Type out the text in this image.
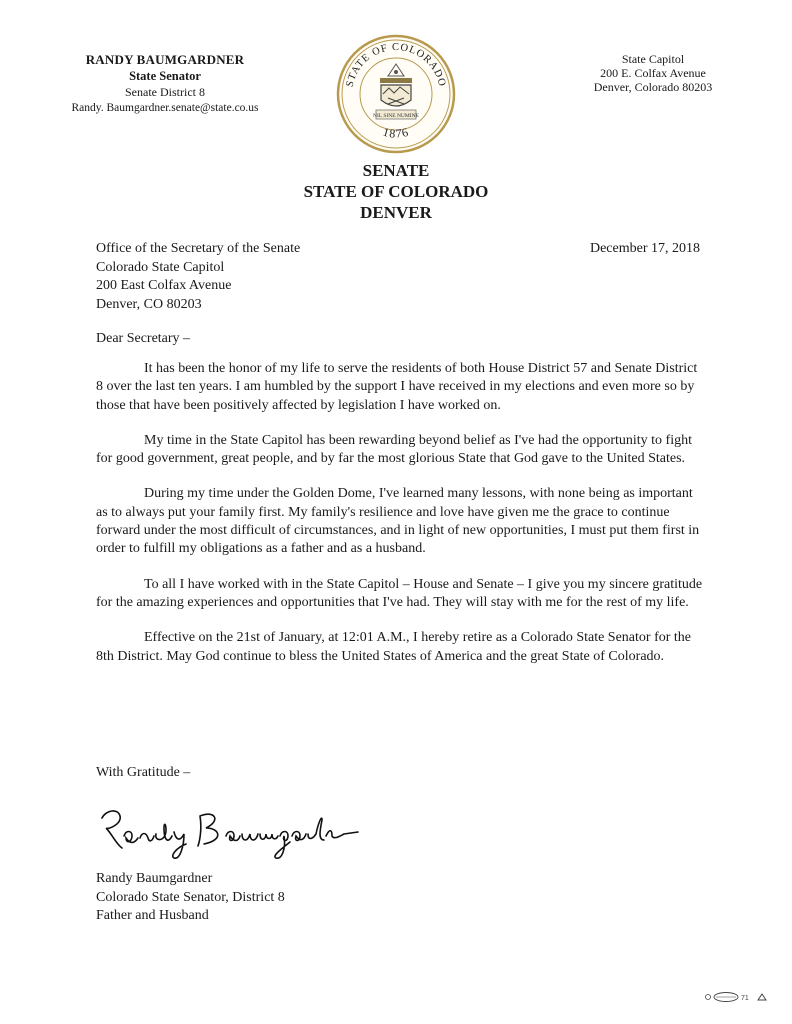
RANDY BAUMGARDNER
State Senator
Senate District 8
Randy. Baumgardner.senate@state.co.us
STATE OF COLORADO
NIL SINE NUMINE
1876
State Capitol
200 E. Colfax Avenue
Denver, Colorado 80203
SENATE
STATE OF COLORADO
DENVER
Office of the Secretary of the Senate
Colorado State Capitol
200 East Colfax Avenue
Denver, CO 80203
December 17, 2018
Dear Secretary –

It has been the honor of my life to serve the residents of both House District 57 and Senate District 8 over the last ten years. I am humbled by the support I have received in my elections and even more so by those that have been positively affected by legislation I have worked on.

My time in the State Capitol has been rewarding beyond belief as I've had the opportunity to fight for good government, great people, and by far the most glorious State that God gave to the United States.

During my time under the Golden Dome, I've learned many lessons, with none being as important as to always put your family first. My family's resilience and love have given me the grace to continue forward under the most difficult of circumstances, and in light of new opportunities, I must put them first in order to fulfill my obligations as a father and as a husband.

To all I have worked with in the State Capitol – House and Senate – I give you my sincere gratitude for the amazing experiences and opportunities that I've had. They will stay with me for the rest of my life.

Effective on the 21st of January, at 12:01 A.M., I hereby retire as a Colorado State Senator for the 8th District. May God continue to bless the United States of America and the great State of Colorado.

With Gratitude –
Randy Baumgardner
Colorado State Senator, District 8
Father and Husband
71
